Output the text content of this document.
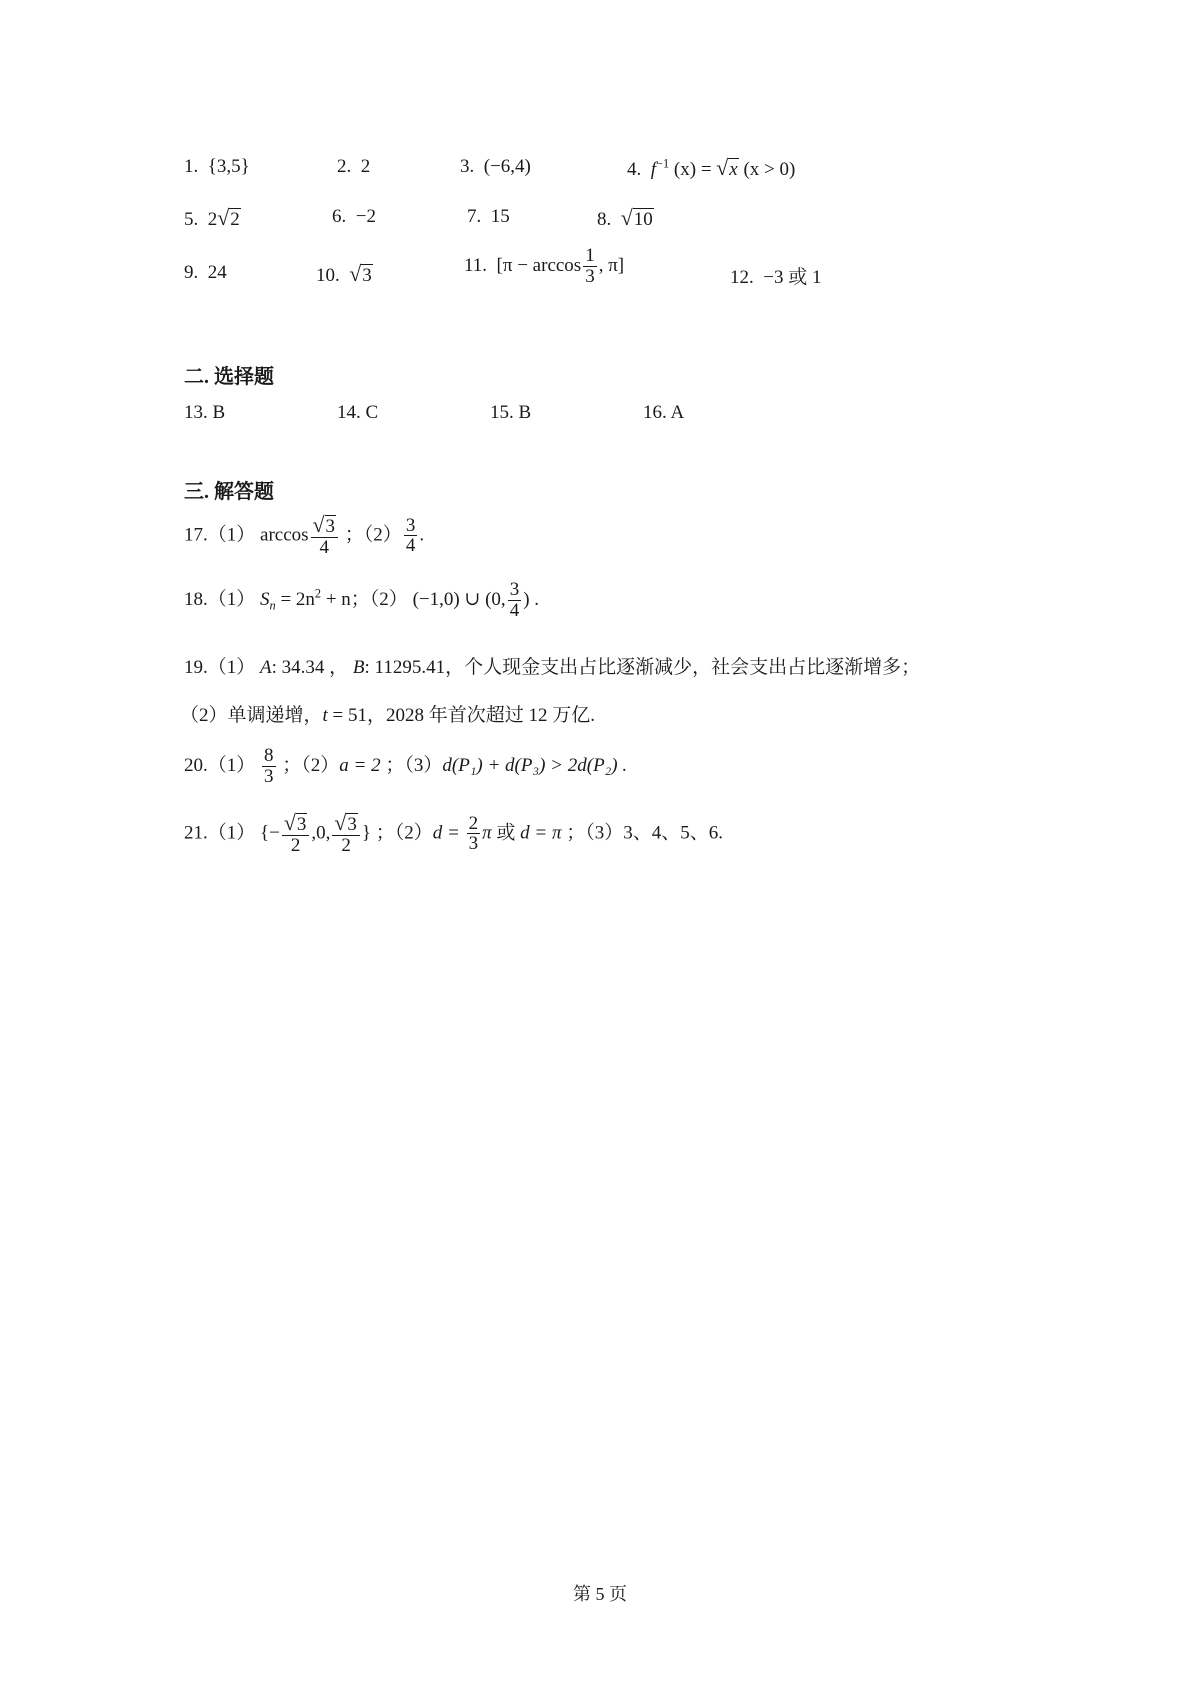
1. {3,5}	2. 2	3. (−6,4)	4. $f^{-1}$ (x) = √x (x > 0)
5. 2√2	6. −2	7. 15	8. √10
9. 24	10. √3	11. [$\pi - \arccos \frac{1}{3}$ , π]
12. −3 或 1
二. 选择题
13. B	14. C	15. B	16. A
三. 解答题
17.（1） $\arccos \frac{√3}{4}$ ；$(2) \frac{3}{4}$ .
18.（1） $S_n = 2n^2 + n$；（2） (−1,0) ∪ (0, $\frac{3}{4}$ ) .
19.（1） A: 34.34 ， B: 11295.41，个人现金支出占比逐渐减少，社会支出占比逐渐增多；
（2）单调递增，t = 51，2028 年首次超过 12 万亿.
$20.(1) \frac{8}{3}$ ；（2）a = 2 ；（3）d(P₁) + d(P₃) > 2d(P₂) .
21.（1） {− $\frac{√3}{2} ,0$, $\frac{√3}{2}$ } ；$(2)d = \frac{2}{3}$ π 或 d = π ；（3）3、4、5、6.
第 5 页
